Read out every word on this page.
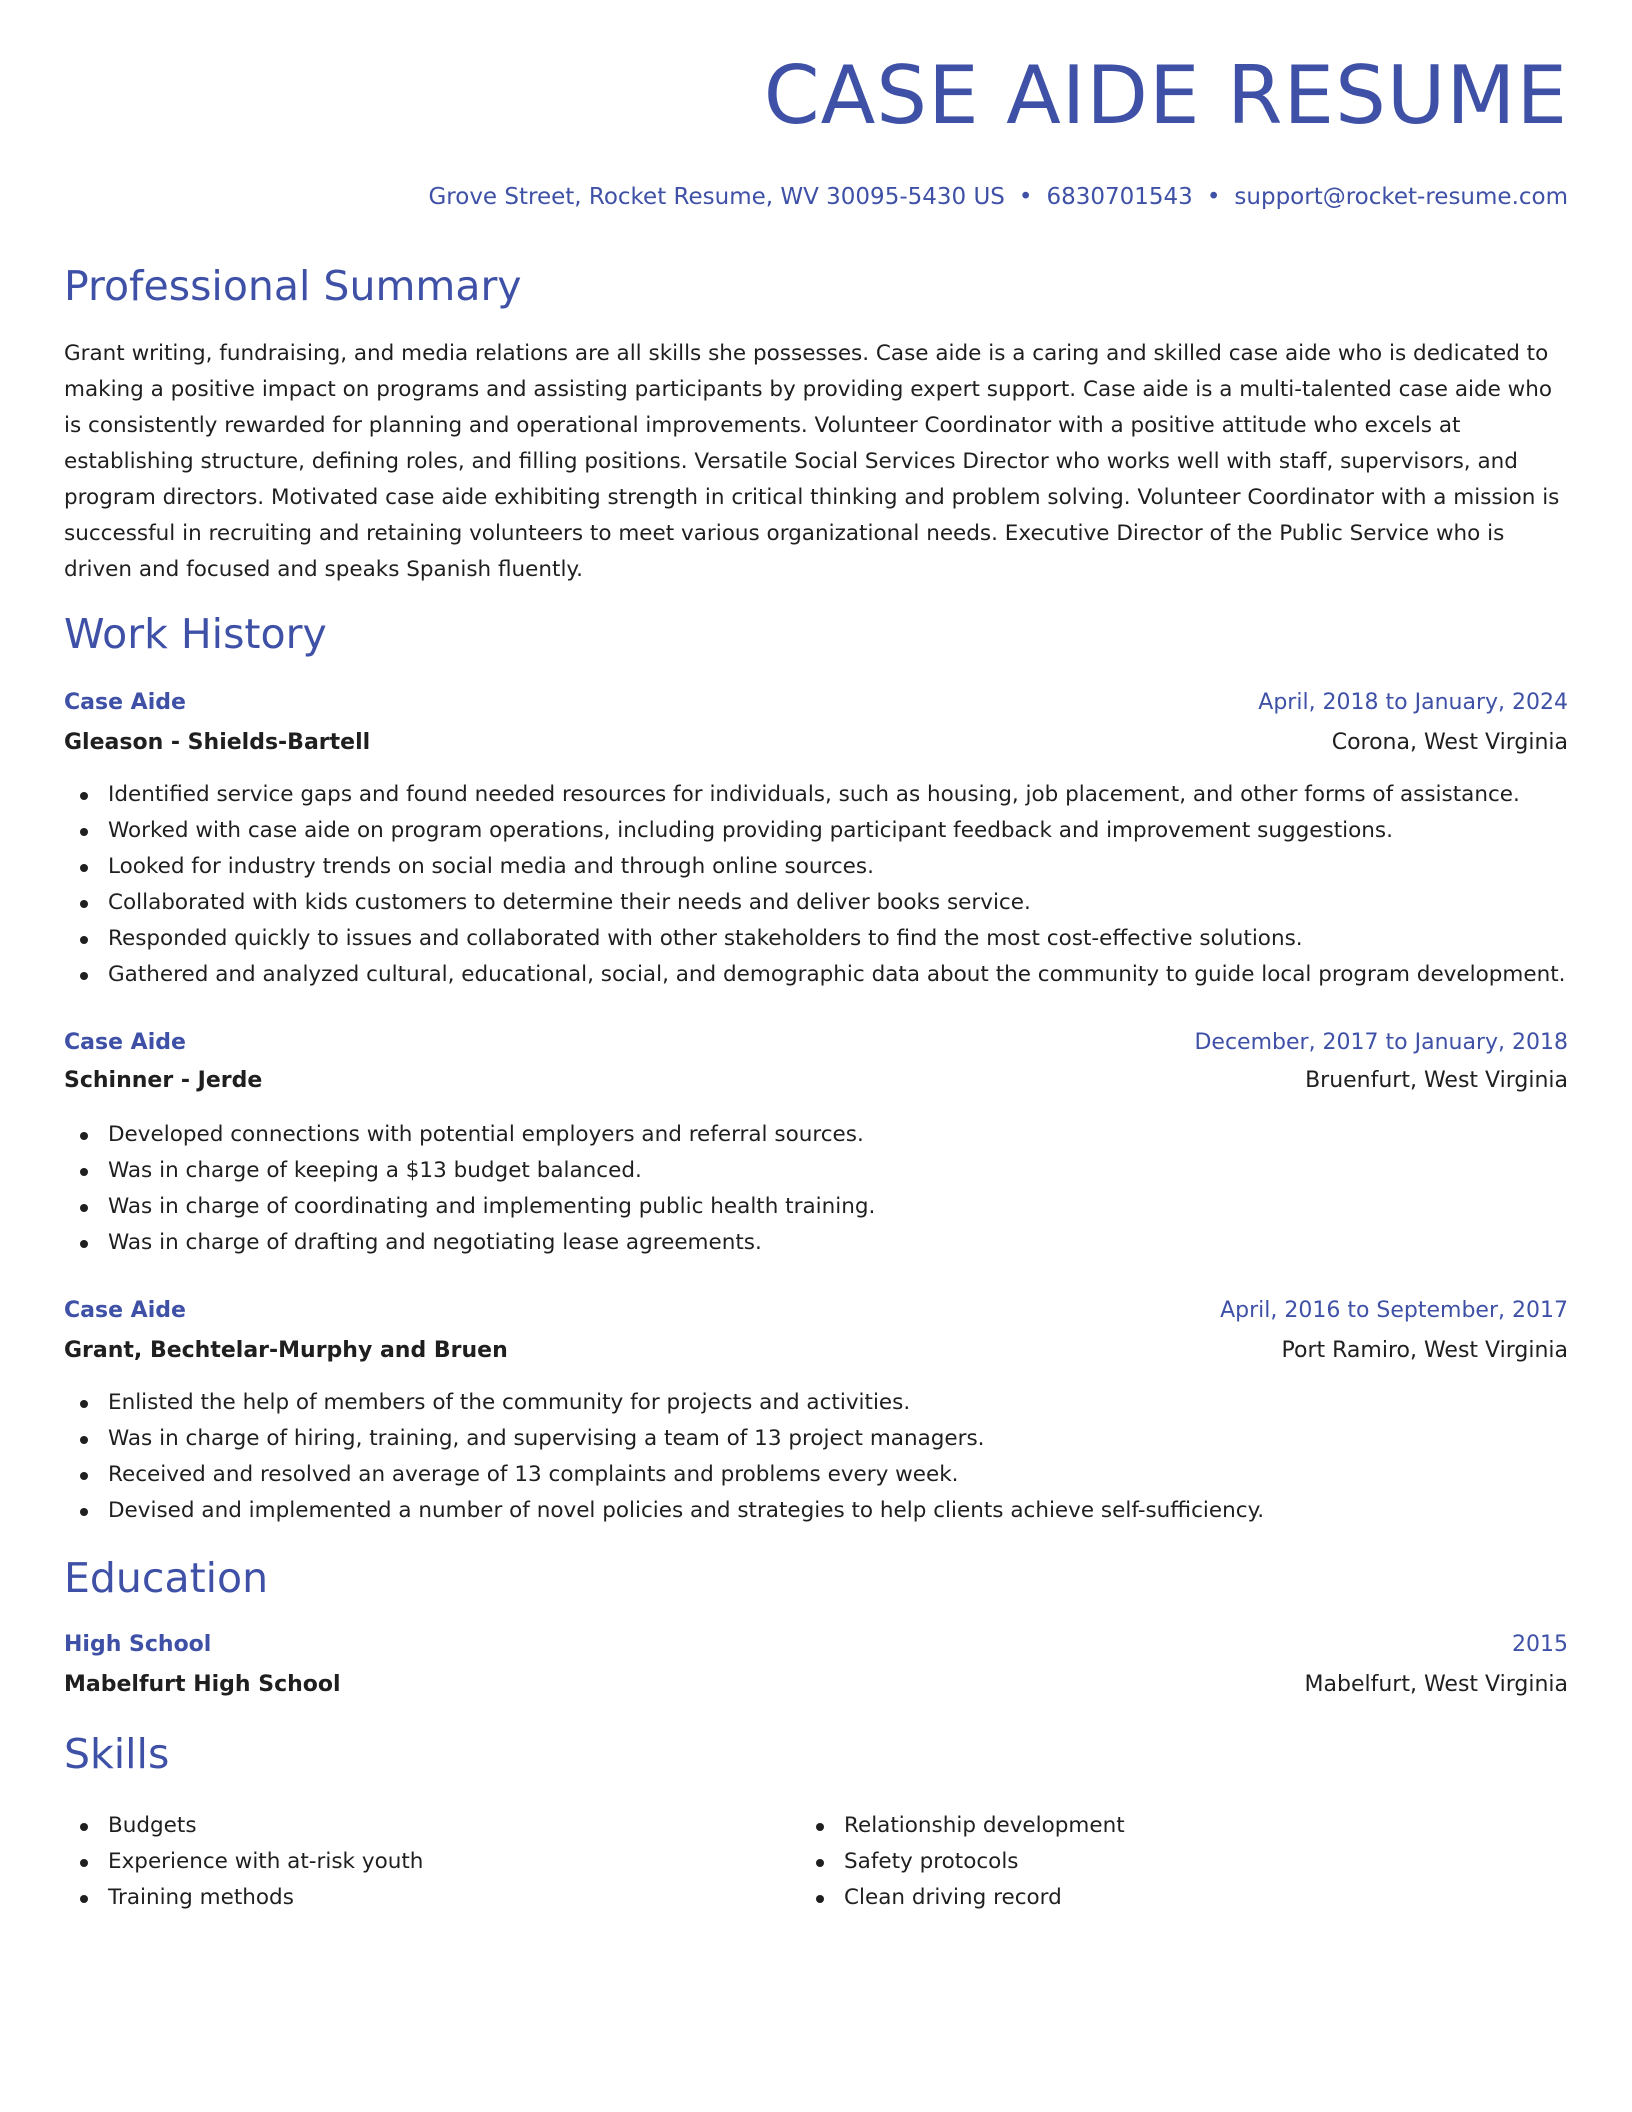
CASE AIDE RESUME
Grove Street, Rocket Resume, WV 30095-5430 US • 6830701543 • support@rocket-resume.com
Professional Summary

Grant writing, fundraising, and media relations are all skills she possesses. Case aide is a caring and skilled case aide who is dedicated to making a positive impact on programs and assisting participants by providing expert support. Case aide is a multi-talented case aide who is consistently rewarded for planning and operational improvements. Volunteer Coordinator with a positive attitude who excels at establishing structure, defining roles, and filling positions. Versatile Social Services Director who works well with staff, supervisors, and program directors. Motivated case aide exhibiting strength in critical thinking and problem solving. Volunteer Coordinator with a mission is successful in recruiting and retaining volunteers to meet various organizational needs. Executive Director of the Public Service who is driven and focused and speaks Spanish fluently.

Work History
Case Aide	April, 2018 to January, 2024
Gleason - Shields-Bartell	Corona, West Virginia
Identified service gaps and found needed resources for individuals, such as housing, job placement, and other forms of assistance.
Worked with case aide on program operations, including providing participant feedback and improvement suggestions.
Looked for industry trends on social media and through online sources.
Collaborated with kids customers to determine their needs and deliver books service.
Responded quickly to issues and collaborated with other stakeholders to find the most cost-effective solutions.
Gathered and analyzed cultural, educational, social, and demographic data about the community to guide local program development.
Case Aide	December, 2017 to January, 2018
Schinner - Jerde	Bruenfurt, West Virginia
Developed connections with potential employers and referral sources.
Was in charge of keeping a $13 budget balanced.
Was in charge of coordinating and implementing public health training.
Was in charge of drafting and negotiating lease agreements.
Case Aide	April, 2016 to September, 2017
Grant, Bechtelar-Murphy and Bruen	Port Ramiro, West Virginia
Enlisted the help of members of the community for projects and activities.
Was in charge of hiring, training, and supervising a team of 13 project managers.
Received and resolved an average of 13 complaints and problems every week.
Devised and implemented a number of novel policies and strategies to help clients achieve self-sufficiency.
Education
High School	2015
Mabelfurt High School	Mabelfurt, West Virginia
Skills
Budgets
Experience with at-risk youth
Training methods
Relationship development
Safety protocols
Clean driving record
